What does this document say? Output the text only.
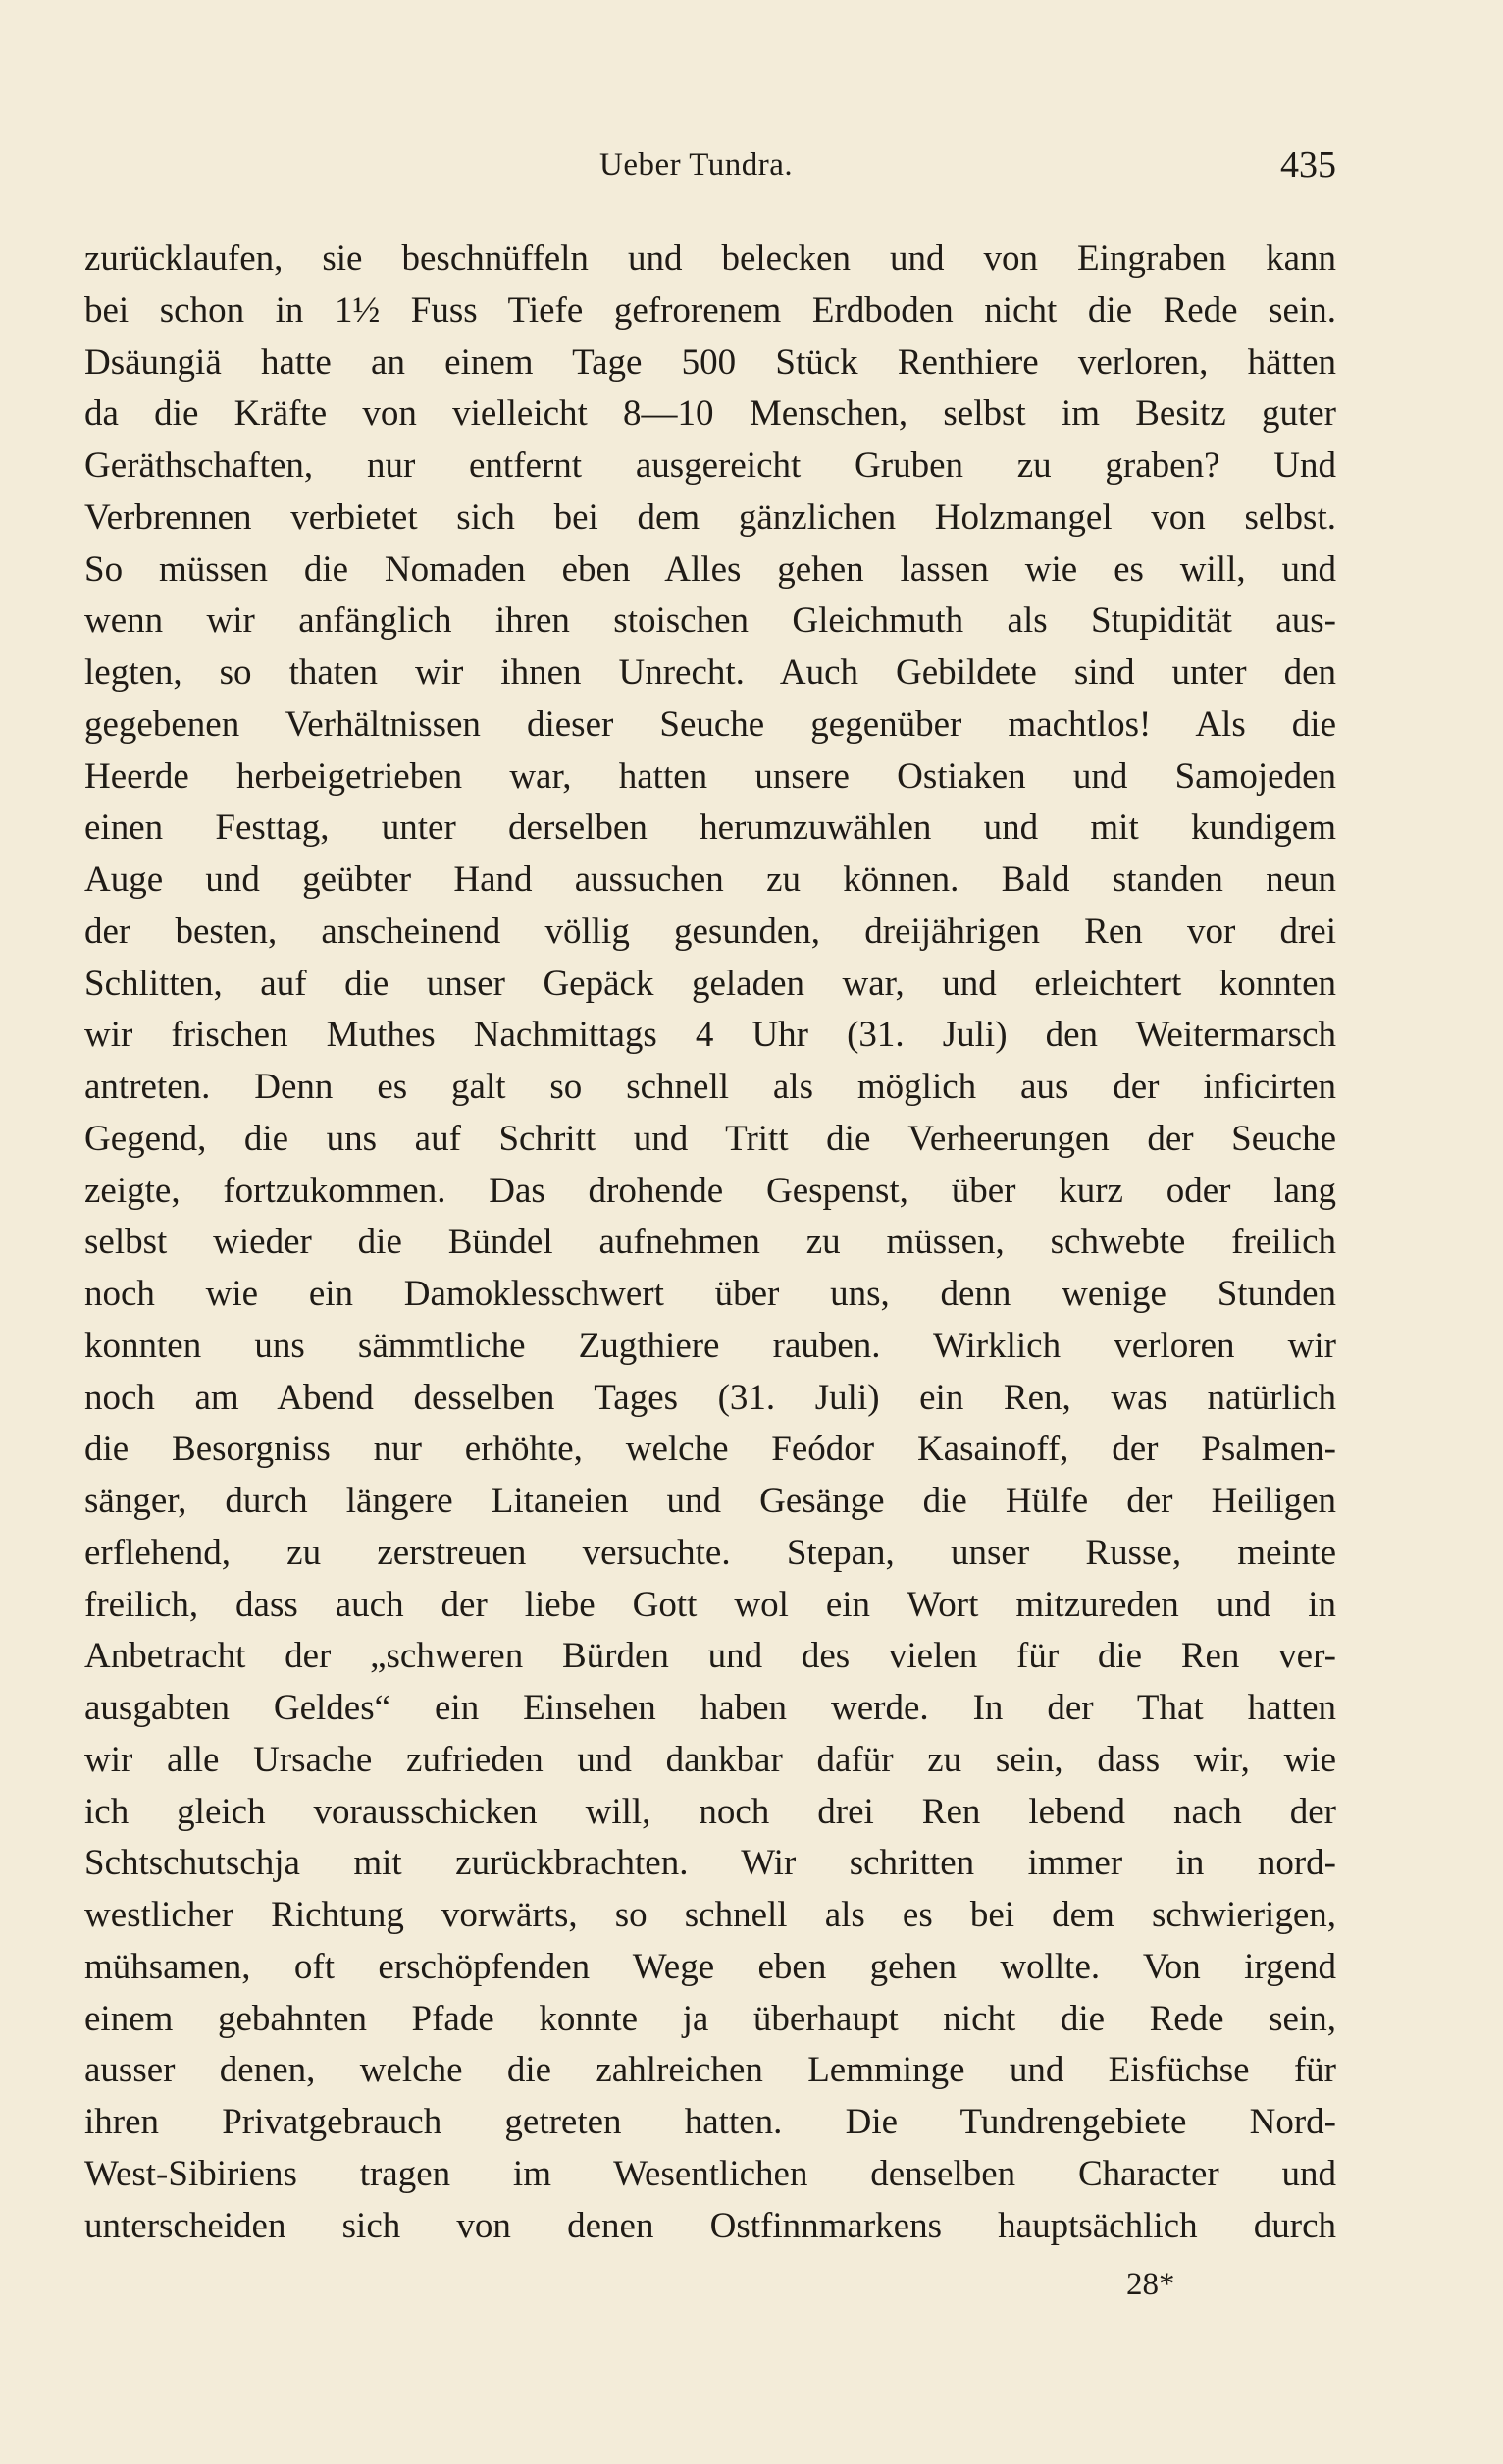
Ueber Tundra.	435
zurücklaufen, sie beschnüffeln und belecken und von Eingraben kann
bei schon in 1½ Fuss Tiefe gefrorenem Erdboden nicht die Rede sein.
Dsäungiä hatte an einem Tage 500 Stück Renthiere verloren, hätten
da die Kräfte von vielleicht 8—10 Menschen, selbst im Besitz guter
Geräthschaften, nur entfernt ausgereicht Gruben zu graben? Und
Verbrennen verbietet sich bei dem gänzlichen Holzmangel von selbst.
So müssen die Nomaden eben Alles gehen lassen wie es will, und
wenn wir anfänglich ihren stoischen Gleichmuth als Stupidität aus-
legten, so thaten wir ihnen Unrecht. Auch Gebildete sind unter den
gegebenen Verhältnissen dieser Seuche gegenüber machtlos! Als die
Heerde herbeigetrieben war, hatten unsere Ostiaken und Samojeden
einen Festtag, unter derselben herumzuwählen und mit kundigem
Auge und geübter Hand aussuchen zu können. Bald standen neun
der besten, anscheinend völlig gesunden, dreijährigen Ren vor drei
Schlitten, auf die unser Gepäck geladen war, und erleichtert konnten
wir frischen Muthes Nachmittags 4 Uhr (31. Juli) den Weitermarsch
antreten. Denn es galt so schnell als möglich aus der inficirten
Gegend, die uns auf Schritt und Tritt die Verheerungen der Seuche
zeigte, fortzukommen. Das drohende Gespenst, über kurz oder lang
selbst wieder die Bündel aufnehmen zu müssen, schwebte freilich
noch wie ein Damoklesschwert über uns, denn wenige Stunden
konnten uns sämmtliche Zugthiere rauben. Wirklich verloren wir
noch am Abend desselben Tages (31. Juli) ein Ren, was natürlich
die Besorgniss nur erhöhte, welche Feódor Kasainoff, der Psalmen-
sänger, durch längere Litaneien und Gesänge die Hülfe der Heiligen
erflehend, zu zerstreuen versuchte. Stepan, unser Russe, meinte
freilich, dass auch der liebe Gott wol ein Wort mitzureden und in
Anbetracht der „schweren Bürden und des vielen für die Ren ver-
ausgabten Geldes“ ein Einsehen haben werde. In der That hatten
wir alle Ursache zufrieden und dankbar dafür zu sein, dass wir, wie
ich gleich vorausschicken will, noch drei Ren lebend nach der
Schtschutschja mit zurückbrachten. Wir schritten immer in nord-
westlicher Richtung vorwärts, so schnell als es bei dem schwierigen,
mühsamen, oft erschöpfenden Wege eben gehen wollte. Von irgend
einem gebahnten Pfade konnte ja überhaupt nicht die Rede sein,
ausser denen, welche die zahlreichen Lemminge und Eisfüchse für
ihren Privatgebrauch getreten hatten. Die Tundrengebiete Nord-
West-Sibiriens tragen im Wesentlichen denselben Character und
unterscheiden sich von denen Ostfinnmarkens hauptsächlich durch
28*
